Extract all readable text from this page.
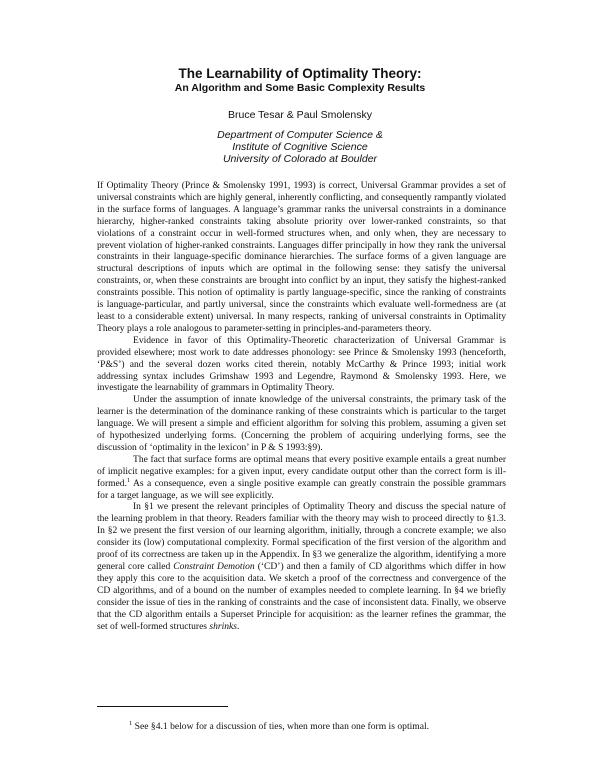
The Learnability of Optimality Theory:
An Algorithm and Some Basic Complexity Results
Bruce Tesar & Paul Smolensky
Department of Computer Science &
Institute of Cognitive Science
University of Colorado at Boulder

If Optimality Theory (Prince & Smolensky 1991, 1993) is correct, Universal Grammar provides a set of universal constraints which are highly general, inherently conflicting, and consequently rampantly violated in the surface forms of languages. A language’s grammar ranks the universal constraints in a dominance hierarchy, higher-ranked constraints taking absolute priority over lower-ranked constraints, so that violations of a constraint occur in well-formed structures when, and only when, they are necessary to prevent violation of higher-ranked constraints. Languages differ principally in how they rank the universal constraints in their language-specific dominance hierarchies. The surface forms of a given language are structural descriptions of inputs which are optimal in the following sense: they satisfy the universal constraints, or, when these constraints are brought into conflict by an input, they satisfy the highest-ranked constraints possible. This notion of optimality is partly language-specific, since the ranking of constraints is language-particular, and partly universal, since the constraints which evaluate well-formedness are (at least to a considerable extent) universal. In many respects, ranking of universal constraints in Optimality Theory plays a role analogous to parameter-setting in principles-and-parameters theory.

Evidence in favor of this Optimality-Theoretic characterization of Universal Grammar is provided elsewhere; most work to date addresses phonology: see Prince & Smolensky 1993 (henceforth, ‘P&S’) and the several dozen works cited therein, notably McCarthy & Prince 1993; initial work addressing syntax includes Grimshaw 1993 and Legendre, Raymond & Smolensky 1993. Here, we investigate the learnability of grammars in Optimality Theory.

Under the assumption of innate knowledge of the universal constraints, the primary task of the learner is the determination of the dominance ranking of these constraints which is particular to the target language. We will present a simple and efficient algorithm for solving this problem, assuming a given set of hypothesized underlying forms. (Concerning the problem of acquiring underlying forms, see the discussion of ‘optimality in the lexicon’ in P & S 1993:§9).

The fact that surface forms are optimal means that every positive example entails a great number of implicit negative examples: for a given input, every candidate output other than the correct form is ill-formed.$^1$ As a consequence, even a single positive example can greatly constrain the possible grammars for a target language, as we will see explicitly.

In §1 we present the relevant principles of Optimality Theory and discuss the special nature of the learning problem in that theory. Readers familiar with the theory may wish to proceed directly to §1.3. In §2 we present the first version of our learning algorithm, initially, through a concrete example; we also consider its (low) computational complexity. Formal specification of the first version of the algorithm and proof of its correctness are taken up in the Appendix. In §3 we generalize the algorithm, identifying a more general core called Constraint Demotion (‘CD’) and then a family of CD algorithms which differ in how they apply this core to the acquisition data. We sketch a proof of the correctness and convergence of the CD algorithms, and of a bound on the number of examples needed to complete learning. In §4 we briefly consider the issue of ties in the ranking of constraints and the case of inconsistent data. Finally, we observe that the CD algorithm entails a Superset Principle for acquisition: as the learner refines the grammar, the set of well-formed structures shrinks.

$^1$ See §4.1 below for a discussion of ties, when more than one form is optimal.
